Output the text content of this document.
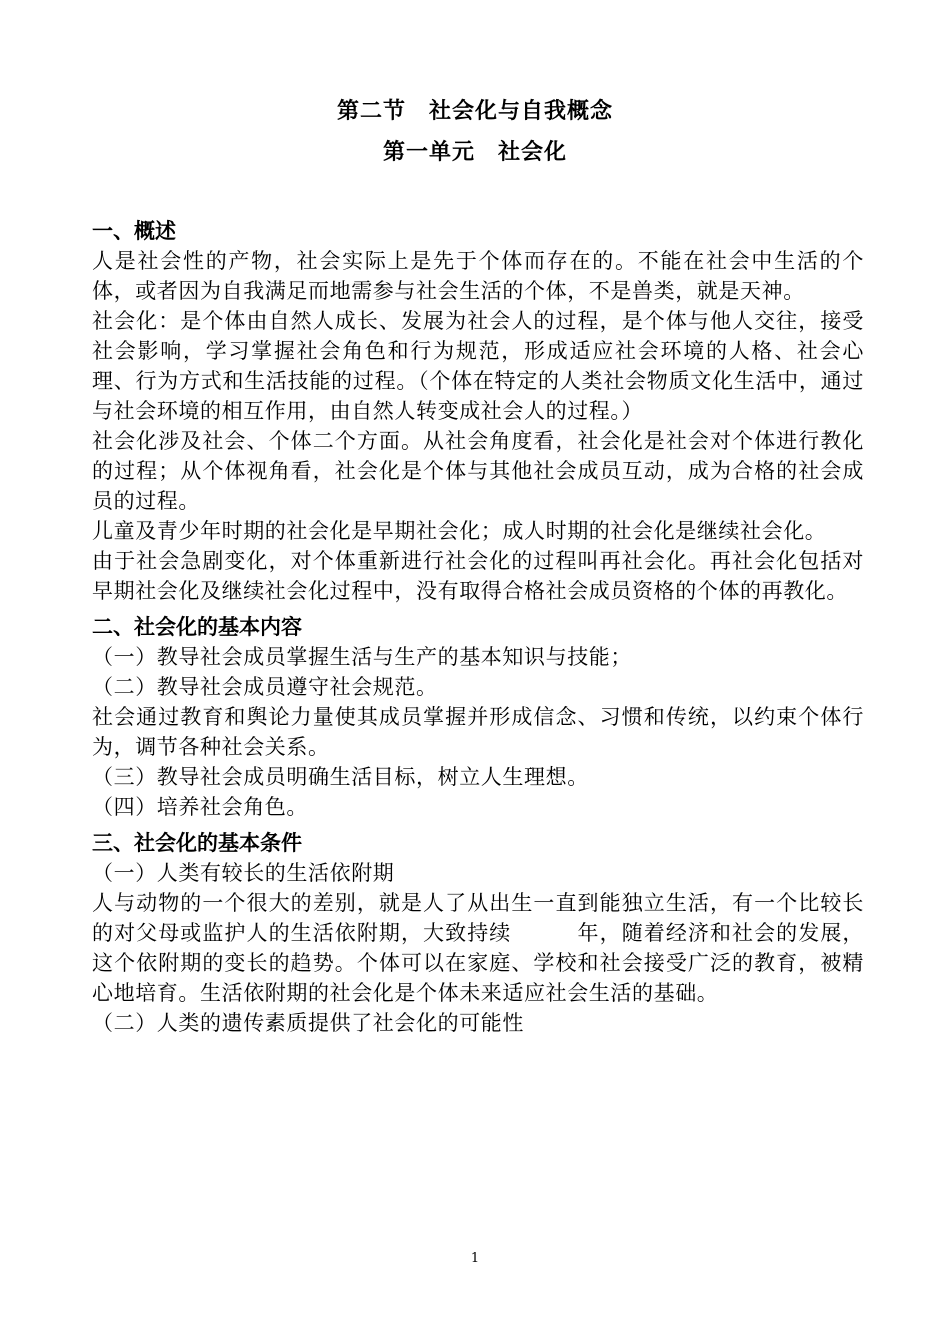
第二节　社会化与自我概念
第一单元　社会化

一、概述

人是社会性的产物，社会实际上是先于个体而存在的。不能在社会中生活的个体，或者因为自我满足而地需参与社会生活的个体，不是兽类，就是天神。

社会化：是个体由自然人成长、发展为社会人的过程，是个体与他人交往，接受社会影响，学习掌握社会角色和行为规范，形成适应社会环境的人格、社会心理、行为方式和生活技能的过程。（个体在特定的人类社会物质文化生活中，通过与社会环境的相互作用，由自然人转变成社会人的过程。）

社会化涉及社会、个体二个方面。从社会角度看，社会化是社会对个体进行教化的过程；从个体视角看，社会化是个体与其他社会成员互动，成为合格的社会成员的过程。

儿童及青少年时期的社会化是早期社会化；成人时期的社会化是继续社会化。

由于社会急剧变化，对个体重新进行社会化的过程叫再社会化。再社会化包括对早期社会化及继续社会化过程中，没有取得合格社会成员资格的个体的再教化。

二、社会化的基本内容

（一）教导社会成员掌握生活与生产的基本知识与技能；

（二）教导社会成员遵守社会规范。

社会通过教育和舆论力量使其成员掌握并形成信念、习惯和传统，以约束个体行为，调节各种社会关系。

（三）教导社会成员明确生活目标，树立人生理想。

（四）培养社会角色。

三、社会化的基本条件

（一）人类有较长的生活依附期

人与动物的一个很大的差别，就是人了从出生一直到能独立生活，有一个比较长的对父母或监护人的生活依附期，大致持续　　　年，随着经济和社会的发展，这个依附期的变长的趋势。个体可以在家庭、学校和社会接受广泛的教育，被精心地培育。生活依附期的社会化是个体未来适应社会生活的基础。

（二）人类的遗传素质提供了社会化的可能性

1
